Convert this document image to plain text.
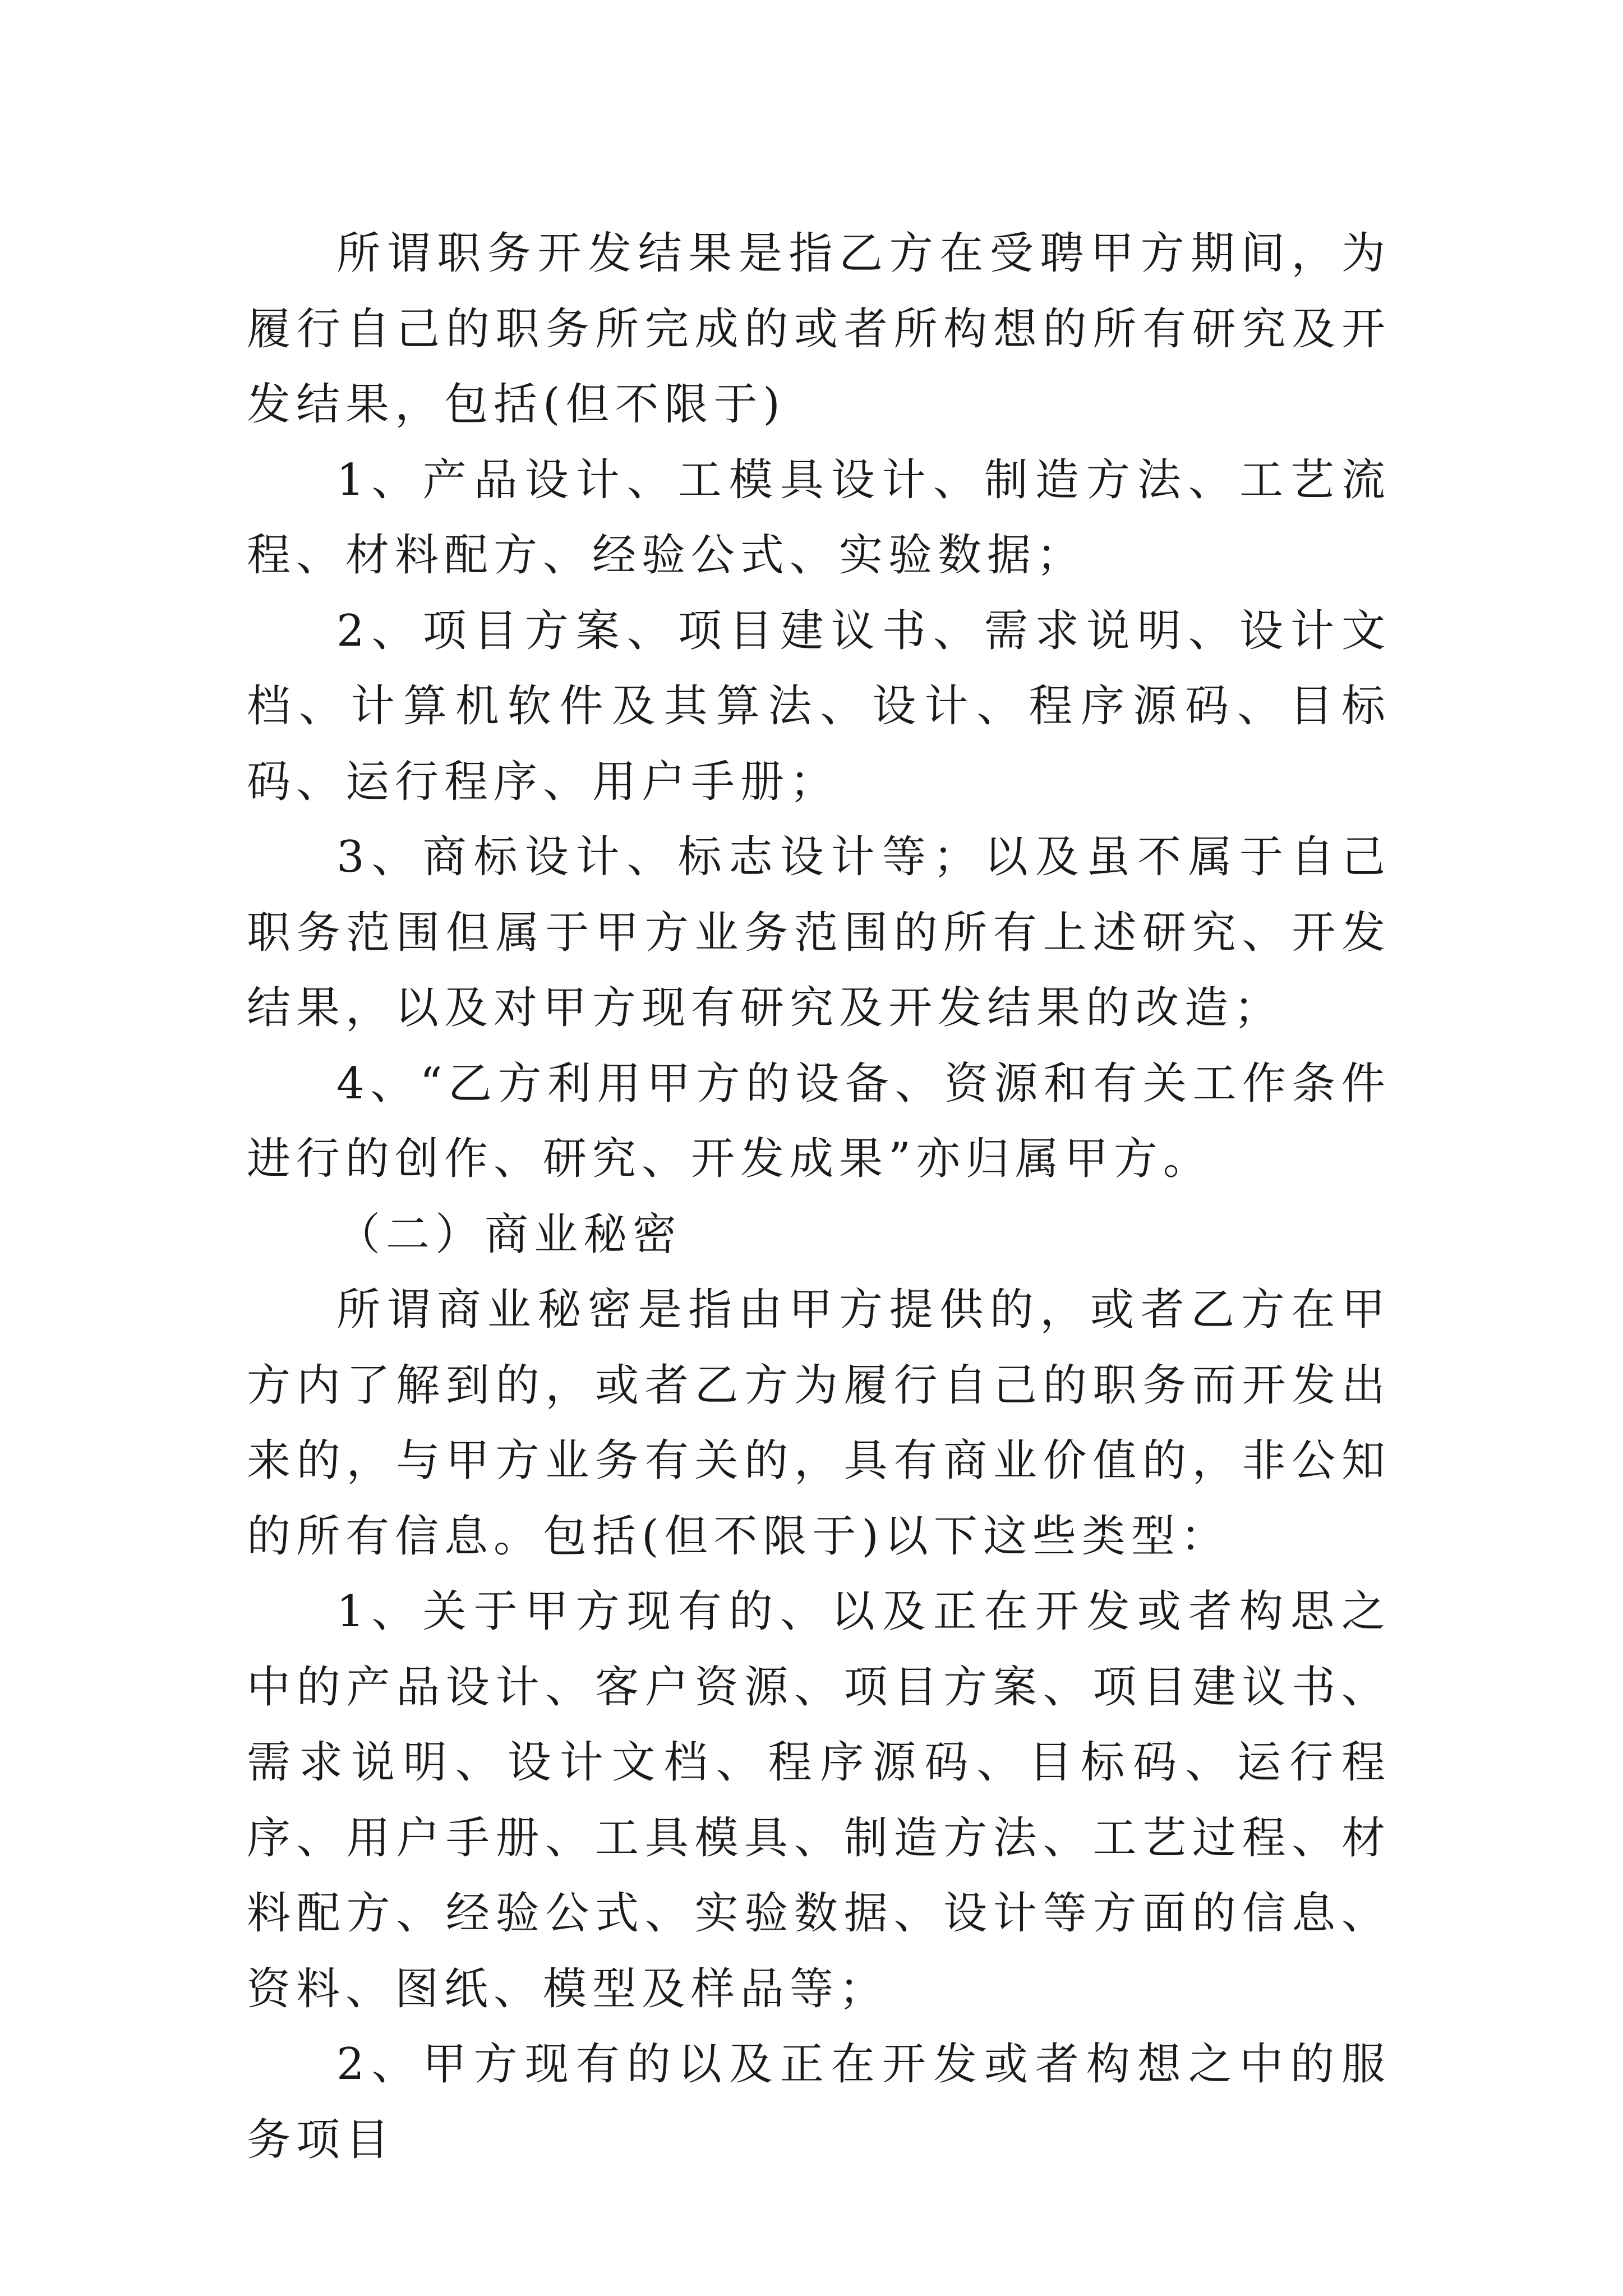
所谓职务开发结果是指乙方在受聘甲方期间，为履行自己的职务所完成的或者所构想的所有研究及开发结果，包括(但不限于)

1、产品设计、工模具设计、制造方法、工艺流程、材料配方、经验公式、实验数据；

2、项目方案、项目建议书、需求说明、设计文档、计算机软件及其算法、设计、程序源码、目标码、运行程序、用户手册；

3、商标设计、标志设计等；以及虽不属于自己职务范围但属于甲方业务范围的所有上述研究、开发结果，以及对甲方现有研究及开发结果的改造；

4、“乙方利用甲方的设备、资源和有关工作条件进行的创作、研究、开发成果”亦归属甲方。

（二）商业秘密

所谓商业秘密是指由甲方提供的，或者乙方在甲方内了解到的，或者乙方为履行自己的职务而开发出来的，与甲方业务有关的，具有商业价值的，非公知的所有信息。包括(但不限于)以下这些类型：

1、关于甲方现有的、以及正在开发或者构思之中的产品设计、客户资源、项目方案、项目建议书、需求说明、设计文档、程序源码、目标码、运行程序、用户手册、工具模具、制造方法、工艺过程、材料配方、经验公式、实验数据、设计等方面的信息、资料、图纸、模型及样品等；

2、甲方现有的以及正在开发或者构想之中的服务项目
